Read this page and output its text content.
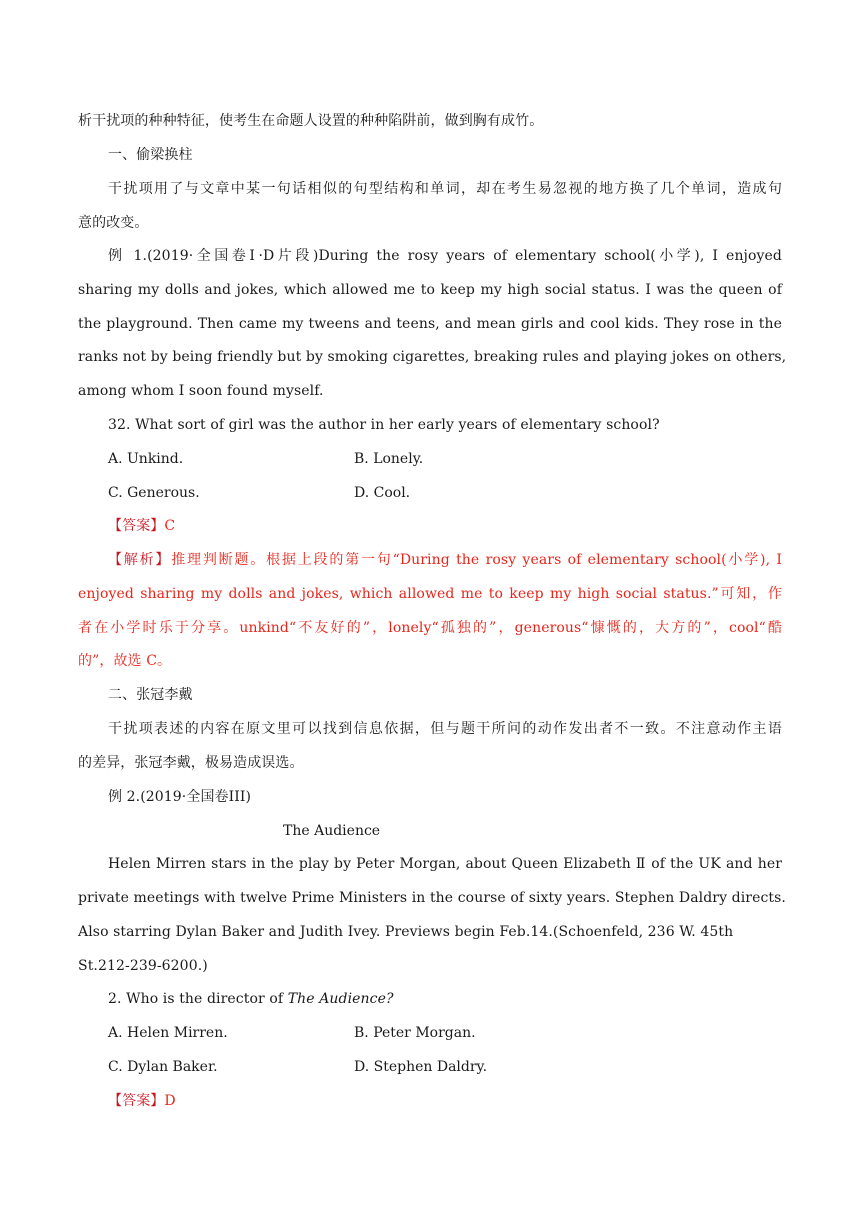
析干扰项的种种特征，使考生在命题人设置的种种陷阱前，做到胸有成竹。
一、偷梁换柱
干扰项用了与文章中某一句话相似的句型结构和单词，却在考生易忽视的地方换了几个单词，造成句
意的改变。
例 1.(2019·全国卷Ⅰ·D片段)During the rosy years of elementary school(小学), I enjoyed
sharing my dolls and jokes, which allowed me to keep my high social status. I was the queen of
the playground. Then came my tweens and teens, and mean girls and cool kids. They rose in the
ranks not by being friendly but by smoking cigarettes, breaking rules and playing jokes on others,
among whom I soon found myself.
32. What sort of girl was the author in her early years of elementary school?
A. Unkind.	B. Lonely.
C. Generous.	D. Cool.
【答案】C
【解析】推理判断题。根据上段的第一句“During the rosy years of elementary school(小学), I
enjoyed sharing my dolls and jokes, which allowed me to keep my high social status.”可知，作
者在小学时乐于分享。unkind“不友好的”，lonely“孤独的”，generous“慷慨的，大方的”，cool“酷
的”，故选 C。
二、张冠李戴
干扰项表述的内容在原文里可以找到信息依据，但与题干所问的动作发出者不一致。不注意动作主语
的差异，张冠李戴，极易造成误选。
例 2.(2019·全国卷III)
The Audience
Helen Mirren stars in the play by Peter Morgan, about Queen Elizabeth Ⅱ of the UK and her
private meetings with twelve Prime Ministers in the course of sixty years. Stephen Daldry directs.
Also starring Dylan Baker and Judith Ivey. Previews begin Feb.14.(Schoenfeld, 236 W. 45th
St.212-239-6200.)
2. Who is the director of The Audience?
A. Helen Mirren.	B. Peter Morgan.
C. Dylan Baker.	D. Stephen Daldry.
【答案】D
